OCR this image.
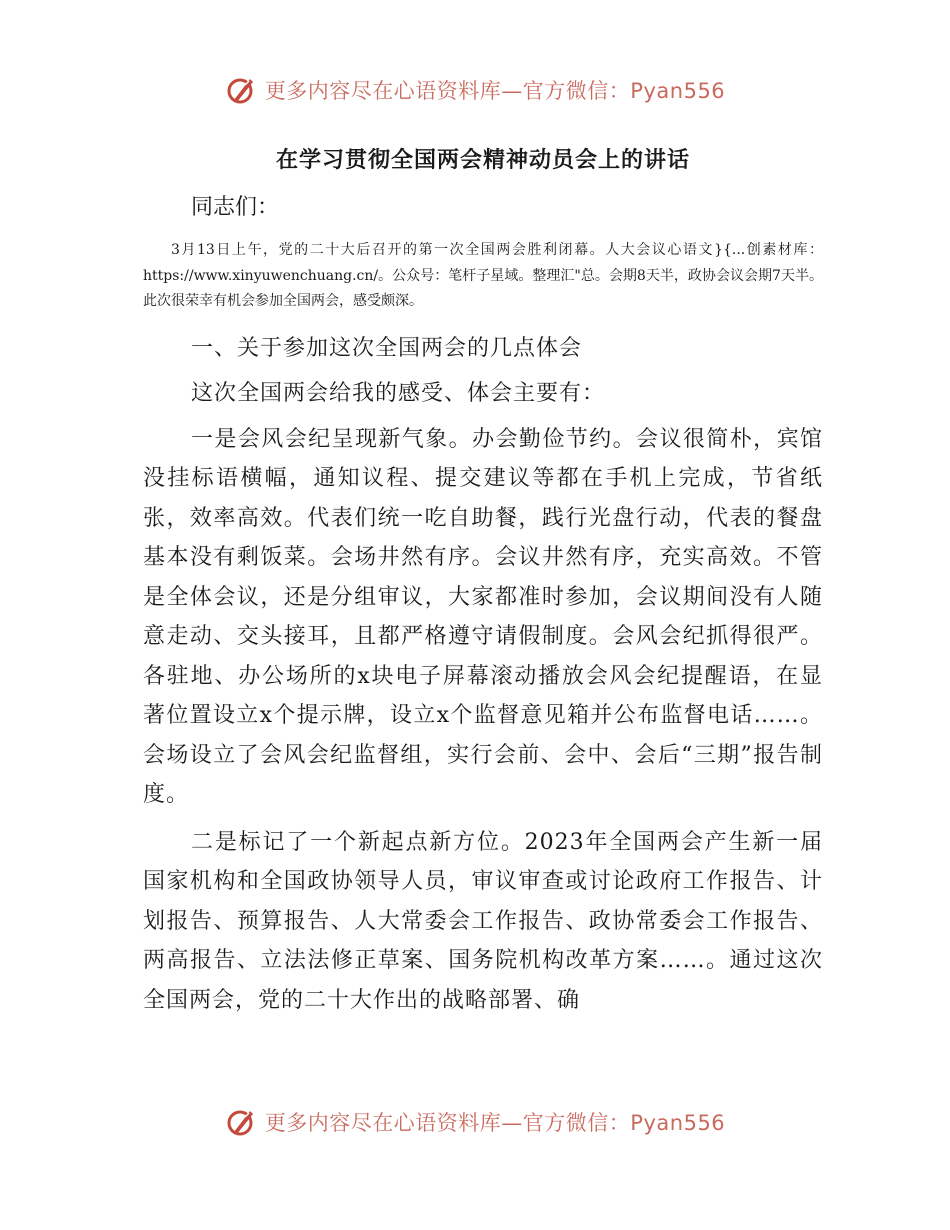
更多内容尽在心语资料库—官方微信：Pyan556
在学习贯彻全国两会精神动员会上的讲话

同志们：

3月13日上午，党的二十大后召开的第一次全国两会胜利闭幕。人大会议心语文}{...创素材库：https://www.xinyuwenchuang.cn/。公众号：笔杆子星域。整理汇"总。会期8天半，政协会议会期7天半。此次很荣幸有机会参加全国两会，感受颇深。

一、关于参加这次全国两会的几点体会

这次全国两会给我的感受、体会主要有：

一是会风会纪呈现新气象。办会勤俭节约。会议很简朴，宾馆没挂标语横幅，通知议程、提交建议等都在手机上完成，节省纸张，效率高效。代表们统一吃自助餐，践行光盘行动，代表的餐盘基本没有剩饭菜。会场井然有序。会议井然有序，充实高效。不管是全体会议，还是分组审议，大家都准时参加，会议期间没有人随意走动、交头接耳，且都严格遵守请假制度。会风会纪抓得很严。各驻地、办公场所的x块电子屏幕滚动播放会风会纪提醒语，在显著位置设立x个提示牌，设立x个监督意见箱并公布监督电话……。会场设立了会风会纪监督组，实行会前、会中、会后“三期”报告制度。

二是标记了一个新起点新方位。2023年全国两会产生新一届国家机构和全国政协领导人员，审议审查或讨论政府工作报告、计划报告、预算报告、人大常委会工作报告、政协常委会工作报告、两高报告、立法法修正草案、国务院机构改革方案……。通过这次全国两会，党的二十大作出的战略部署、确

更多内容尽在心语资料库—官方微信：Pyan556
